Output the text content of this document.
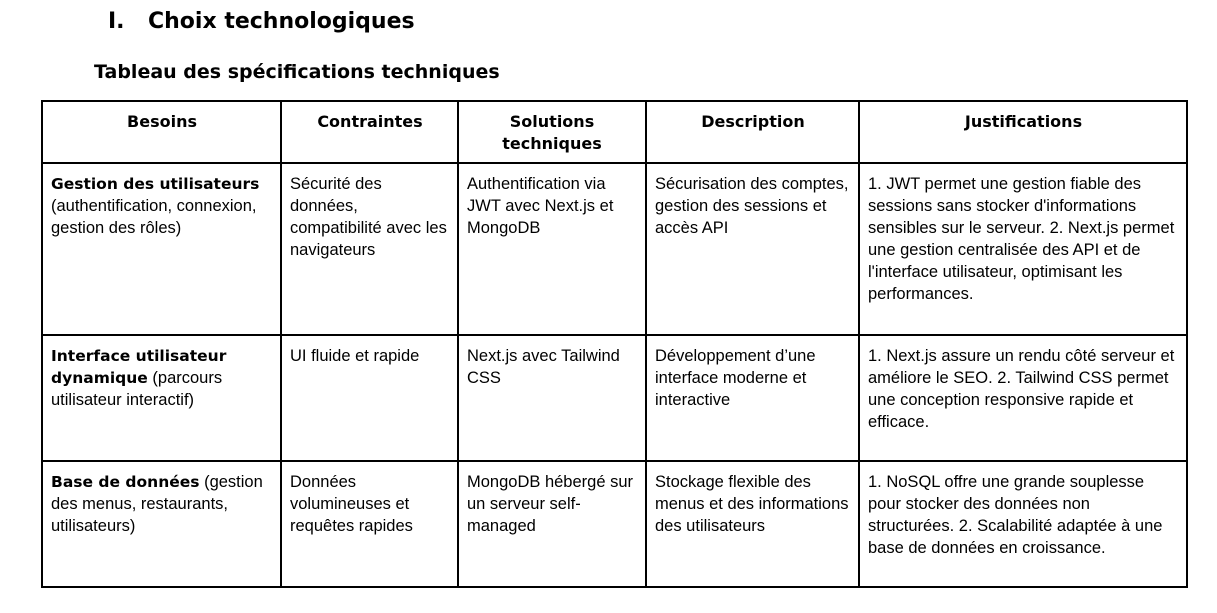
I. Choix technologiques
Tableau des spécifications techniques
Besoins	Contraintes	Solutions techniques	Description	Justifications
Gestion des utilisateurs (authentification, connexion, gestion des rôles)	Sécurité des données, compatibilité avec les navigateurs	Authentification via JWT avec Next.js et MongoDB	Sécurisation des comptes, gestion des sessions et accès API	1. JWT permet une gestion fiable des sessions sans stocker d'informations sensibles sur le serveur. 2. Next.js permet une gestion centralisée des API et de l'interface utilisateur, optimisant les performances.
Interface utilisateur dynamique (parcours utilisateur interactif)	UI fluide et rapide	Next.js avec Tailwind CSS	Développement d’une interface moderne et interactive	1. Next.js assure un rendu côté serveur et améliore le SEO. 2. Tailwind CSS permet une conception responsive rapide et efficace.
Base de données (gestion des menus, restaurants, utilisateurs)	Données volumineuses et requêtes rapides	MongoDB hébergé sur un serveur self-managed	Stockage flexible des menus et des informations des utilisateurs	1. NoSQL offre une grande souplesse pour stocker des données non structurées. 2. Scalabilité adaptée à une base de données en croissance.
